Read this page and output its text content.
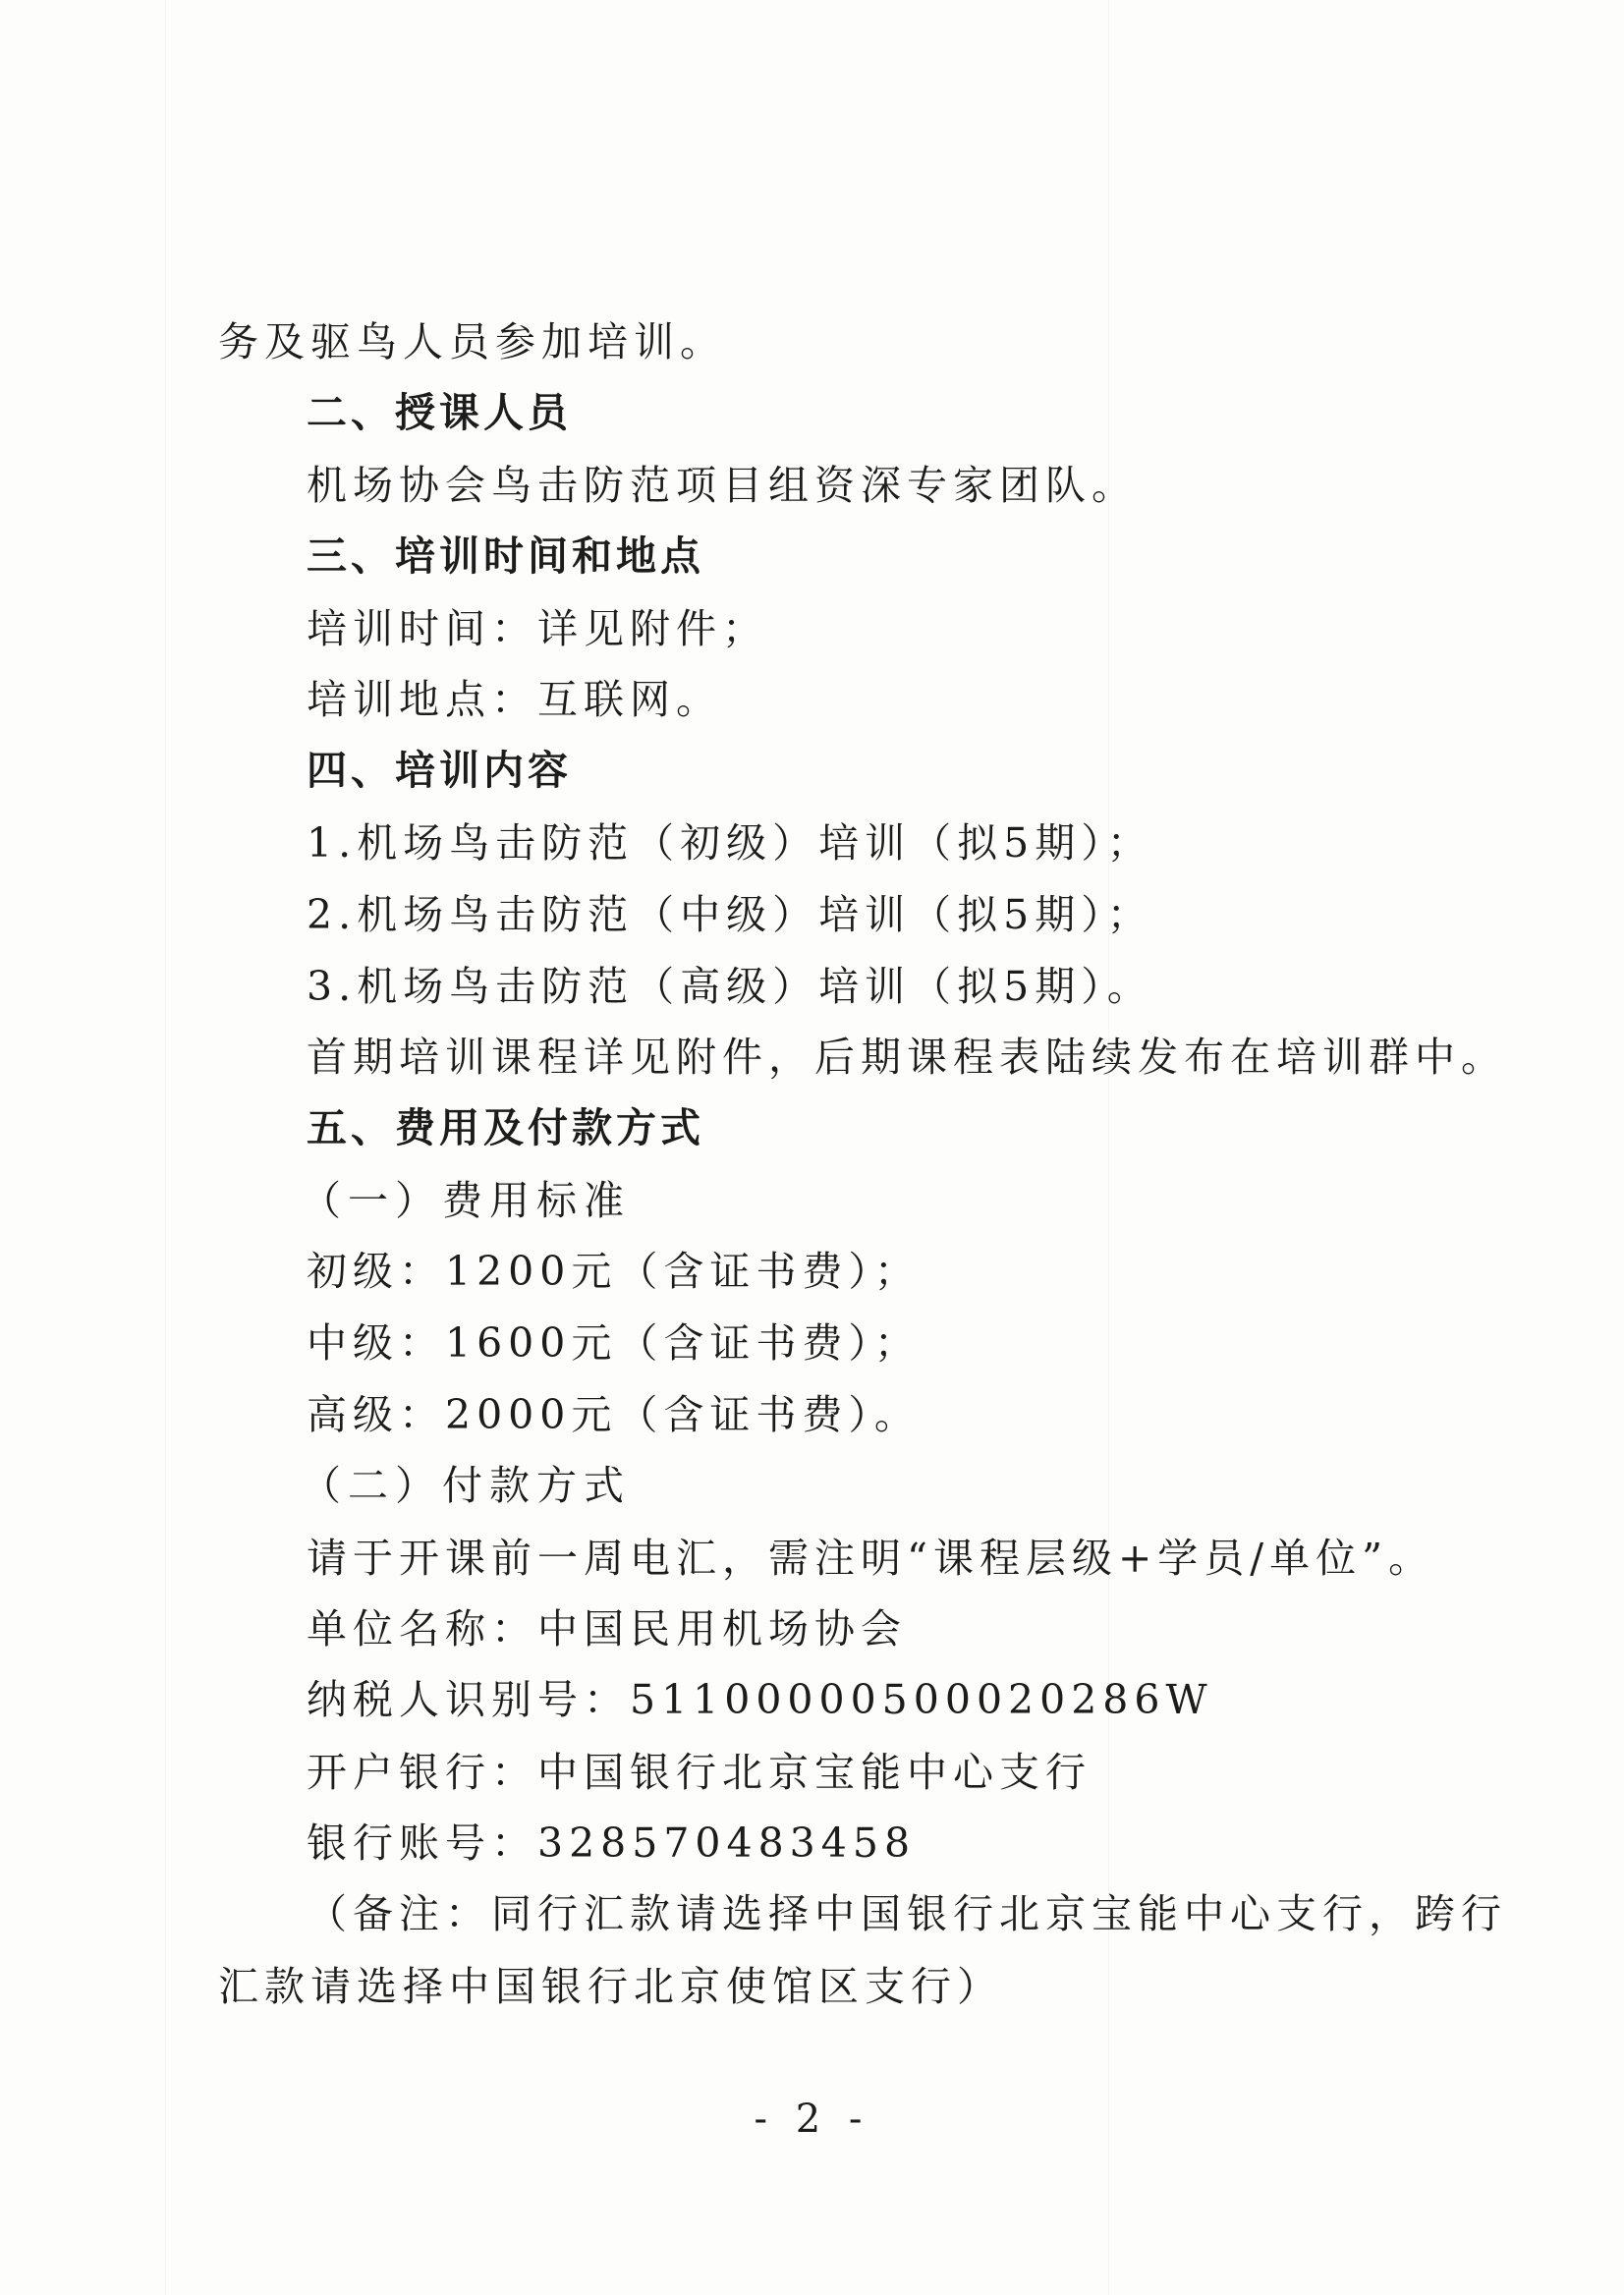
务及驱鸟人员参加培训。
二、授课人员
机场协会鸟击防范项目组资深专家团队。
三、培训时间和地点
培训时间：详见附件；
培训地点：互联网。
四、培训内容
1.机场鸟击防范（初级）培训（拟5期）；
2.机场鸟击防范（中级）培训（拟5期）；
3.机场鸟击防范（高级）培训（拟5期）。
首期培训课程详见附件，后期课程表陆续发布在培训群中。
五、费用及付款方式
（一）费用标准
初级：1200元（含证书费）；
中级：1600元（含证书费）；
高级：2000元（含证书费）。
（二）付款方式
请于开课前一周电汇，需注明“课程层级+学员/单位”。
单位名称：中国民用机场协会
纳税人识别号：51100000500020286W
开户银行：中国银行北京宝能中心支行
银行账号：328570483458
（备注：同行汇款请选择中国银行北京宝能中心支行，跨行
汇款请选择中国银行北京使馆区支行）
- 2 -
